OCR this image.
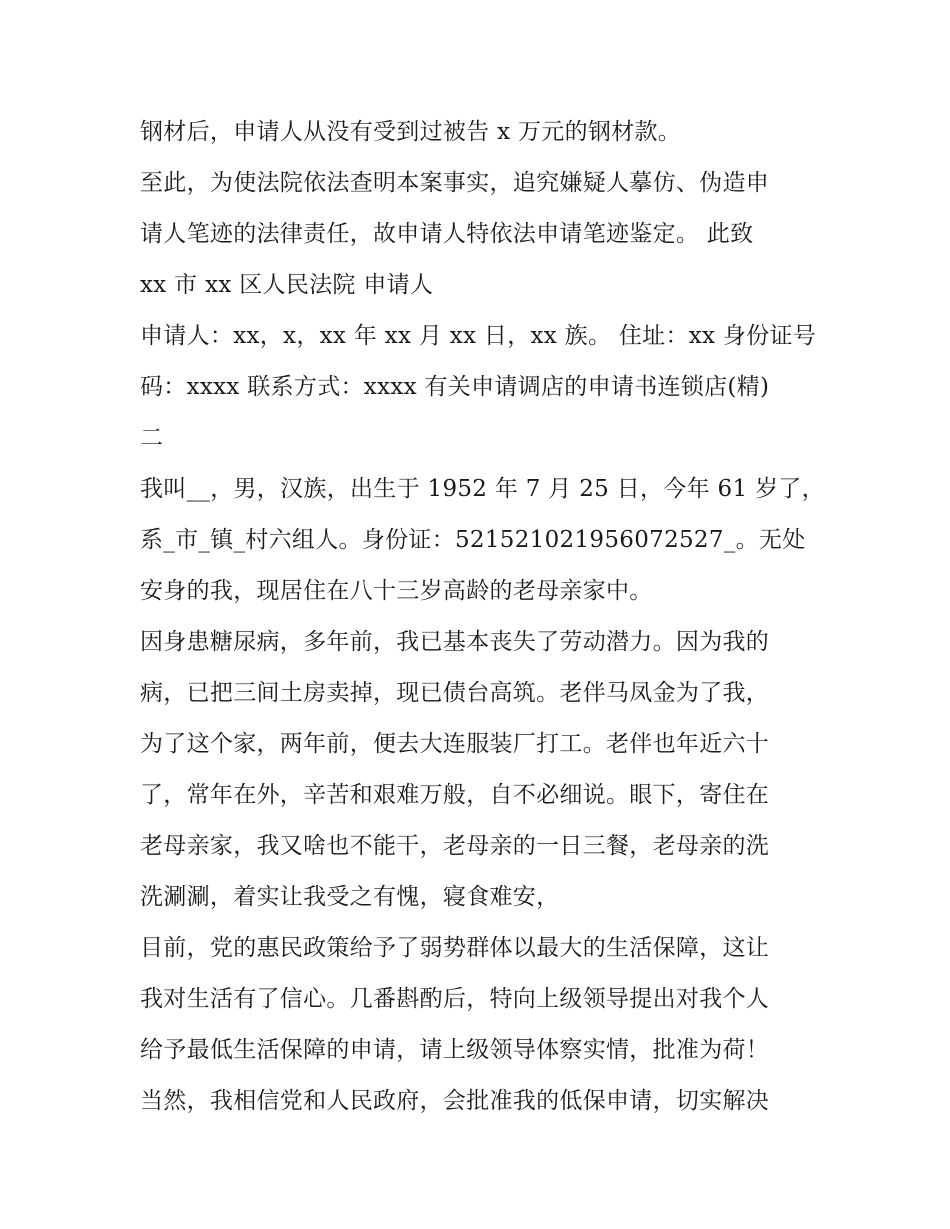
钢材后，申请人从没有受到过被告 x 万元的钢材款。
至此，为使法院依法查明本案事实，追究嫌疑人摹仿、伪造申
请人笔迹的法律责任，故申请人特依法申请笔迹鉴定。 此致
xx 市 xx 区人民法院 申请人
申请人：xx，x，xx 年 xx 月 xx 日，xx 族。 住址：xx 身份证号
码：xxxx 联系方式：xxxx 有关申请调店的申请书连锁店(精)
二
我叫__，男，汉族，出生于 1952 年 7 月 25 日，今年 61 岁了，
系_市_镇_村六组人。身份证：521521021956072527_。无处
安身的我，现居住在八十三岁高龄的老母亲家中。
因身患糖尿病，多年前，我已基本丧失了劳动潜力。因为我的
病，已把三间土房卖掉，现已债台高筑。老伴马凤金为了我，
为了这个家，两年前，便去大连服装厂打工。老伴也年近六十
了，常年在外，辛苦和艰难万般，自不必细说。眼下，寄住在
老母亲家，我又啥也不能干，老母亲的一日三餐，老母亲的洗
洗涮涮，着实让我受之有愧，寝食难安，
目前，党的惠民政策给予了弱势群体以最大的生活保障，这让
我对生活有了信心。几番斟酌后，特向上级领导提出对我个人
给予最低生活保障的申请，请上级领导体察实情，批准为荷！
当然，我相信党和人民政府，会批准我的低保申请，切实解决
